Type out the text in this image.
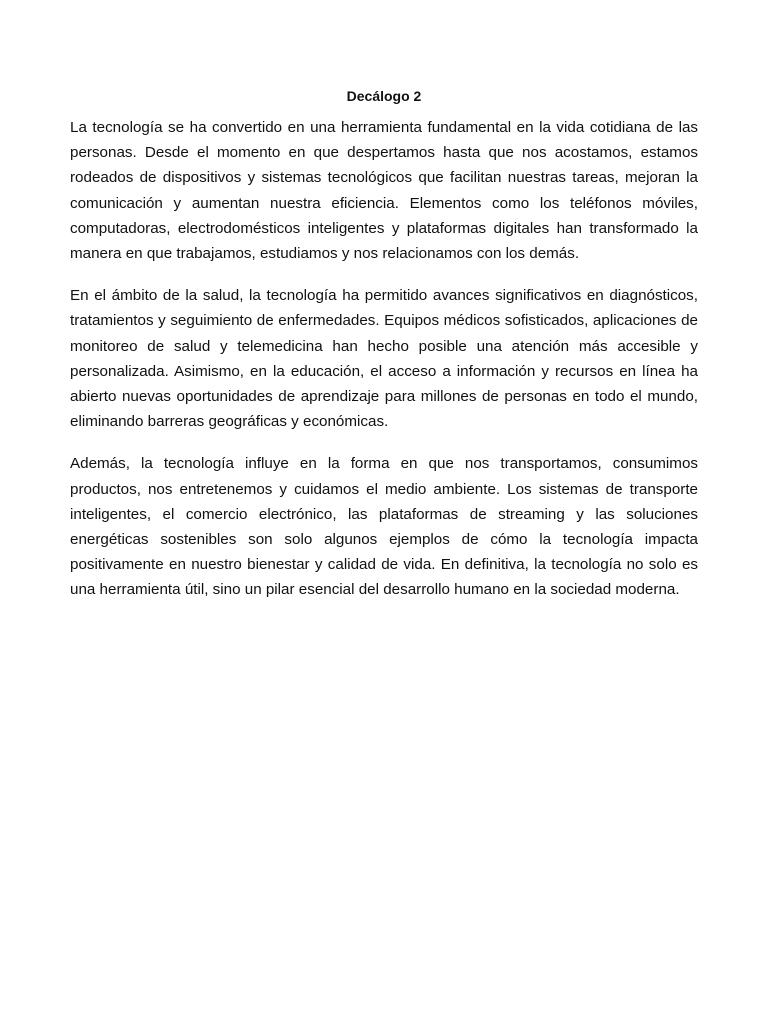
Decálogo 2

La tecnología se ha convertido en una herramienta fundamental en la vida cotidiana de las personas. Desde el momento en que despertamos hasta que nos acostamos, estamos rodeados de dispositivos y sistemas tecnológicos que facilitan nuestras tareas, mejoran la comunicación y aumentan nuestra eficiencia. Elementos como los teléfonos móviles, computadoras, electrodomésticos inteligentes y plataformas digitales han transformado la manera en que trabajamos, estudiamos y nos relacionamos con los demás.

En el ámbito de la salud, la tecnología ha permitido avances significativos en diagnósticos, tratamientos y seguimiento de enfermedades. Equipos médicos sofisticados, aplicaciones de monitoreo de salud y telemedicina han hecho posible una atención más accesible y personalizada. Asimismo, en la educación, el acceso a información y recursos en línea ha abierto nuevas oportunidades de aprendizaje para millones de personas en todo el mundo, eliminando barreras geográficas y económicas.

Además, la tecnología influye en la forma en que nos transportamos, consumimos productos, nos entretenemos y cuidamos el medio ambiente. Los sistemas de transporte inteligentes, el comercio electrónico, las plataformas de streaming y las soluciones energéticas sostenibles son solo algunos ejemplos de cómo la tecnología impacta positivamente en nuestro bienestar y calidad de vida. En definitiva, la tecnología no solo es una herramienta útil, sino un pilar esencial del desarrollo humano en la sociedad moderna.
